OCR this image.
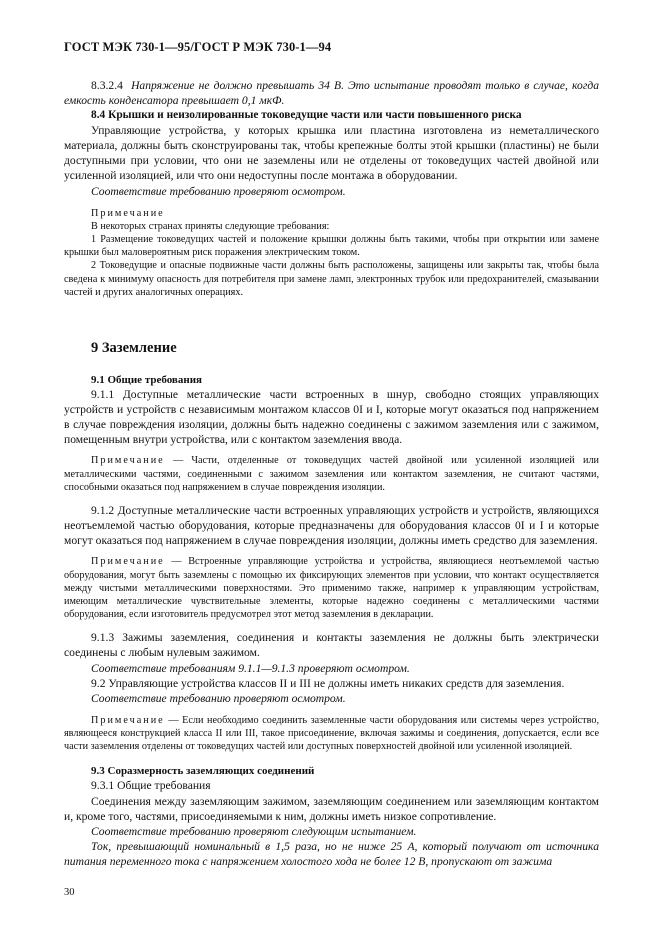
ГОСТ МЭК 730-1—95/ГОСТ Р МЭК 730-1—94

8.3.2.4 Напряжение не должно превышать 34 В. Это испытание проводят только в случае, когда емкость конденсатора превышает 0,1 мкФ.

8.4 Крышки и неизолированные токоведущие части или части повышенного риска

Управляющие устройства, у которых крышка или пластина изготовлена из неметаллического материала, должны быть сконструированы так, чтобы крепежные болты этой крышки (пластины) не были доступными при условии, что они не заземлены или не отделены от токоведущих частей двойной или усиленной изоляцией, или что они недоступны после монтажа в оборудовании.

Соответствие требованию проверяют осмотром.

Примечание

В некоторых странах приняты следующие требования:

1 Размещение токоведущих частей и положение крышки должны быть такими, чтобы при открытии или замене крышки был маловероятным риск поражения электрическим током.

2 Токоведущие и опасные подвижные части должны быть расположены, защищены или закрыты так, чтобы была сведена к минимуму опасность для потребителя при замене ламп, электронных трубок или предохранителей, смазывании частей и других аналогичных операциях.

9 Заземление

9.1 Общие требования

9.1.1 Доступные металлические части встроенных в шнур, свободно стоящих управляющих устройств и устройств с независимым монтажом классов 0I и I, которые могут оказаться под напряжением в случае повреждения изоляции, должны быть надежно соединены с зажимом заземления или с зажимом, помещенным внутри устройства, или с контактом заземления ввода.

Примечание — Части, отделенные от токоведущих частей двойной или усиленной изоляцией или металлическими частями, соединенными с зажимом заземления или контактом заземления, не считают частями, способными оказаться под напряжением в случае повреждения изоляции.

9.1.2 Доступные металлические части встроенных управляющих устройств и устройств, являющихся неотъемлемой частью оборудования, которые предназначены для оборудования классов 0I и I и которые могут оказаться под напряжением в случае повреждения изоляции, должны иметь средство для заземления.

Примечание — Встроенные управляющие устройства и устройства, являющиеся неотъемлемой частью оборудования, могут быть заземлены с помощью их фиксирующих элементов при условии, что контакт осуществляется между чистыми металлическими поверхностями. Это применимо также, например к управляющим устройствам, имеющим металлические чувствительные элементы, которые надежно соединены с металлическими частями оборудования, если изготовитель предусмотрел этот метод заземления в декларации.

9.1.3 Зажимы заземления, соединения и контакты заземления не должны быть электрически соединены с любым нулевым зажимом.

Соответствие требованиям 9.1.1—9.1.3 проверяют осмотром.

9.2 Управляющие устройства классов II и III не должны иметь никаких средств для заземления.

Соответствие требованию проверяют осмотром.

Примечание — Если необходимо соединить заземленные части оборудования или системы через устройство, являющееся конструкцией класса II или III, такое присоединение, включая зажимы и соединения, допускается, если все части заземления отделены от токоведущих частей или доступных поверхностей двойной или усиленной изоляцией.

9.3 Соразмерность заземляющих соединений

9.3.1 Общие требования

Соединения между заземляющим зажимом, заземляющим соединением или заземляющим контактом и, кроме того, частями, присоединяемыми к ним, должны иметь низкое сопротивление.

Соответствие требованию проверяют следующим испытанием.

Ток, превышающий номинальный в 1,5 раза, но не ниже 25 А, который получают от источника питания переменного тока с напряжением холостого хода не более 12 В, пропускают от зажима

30
